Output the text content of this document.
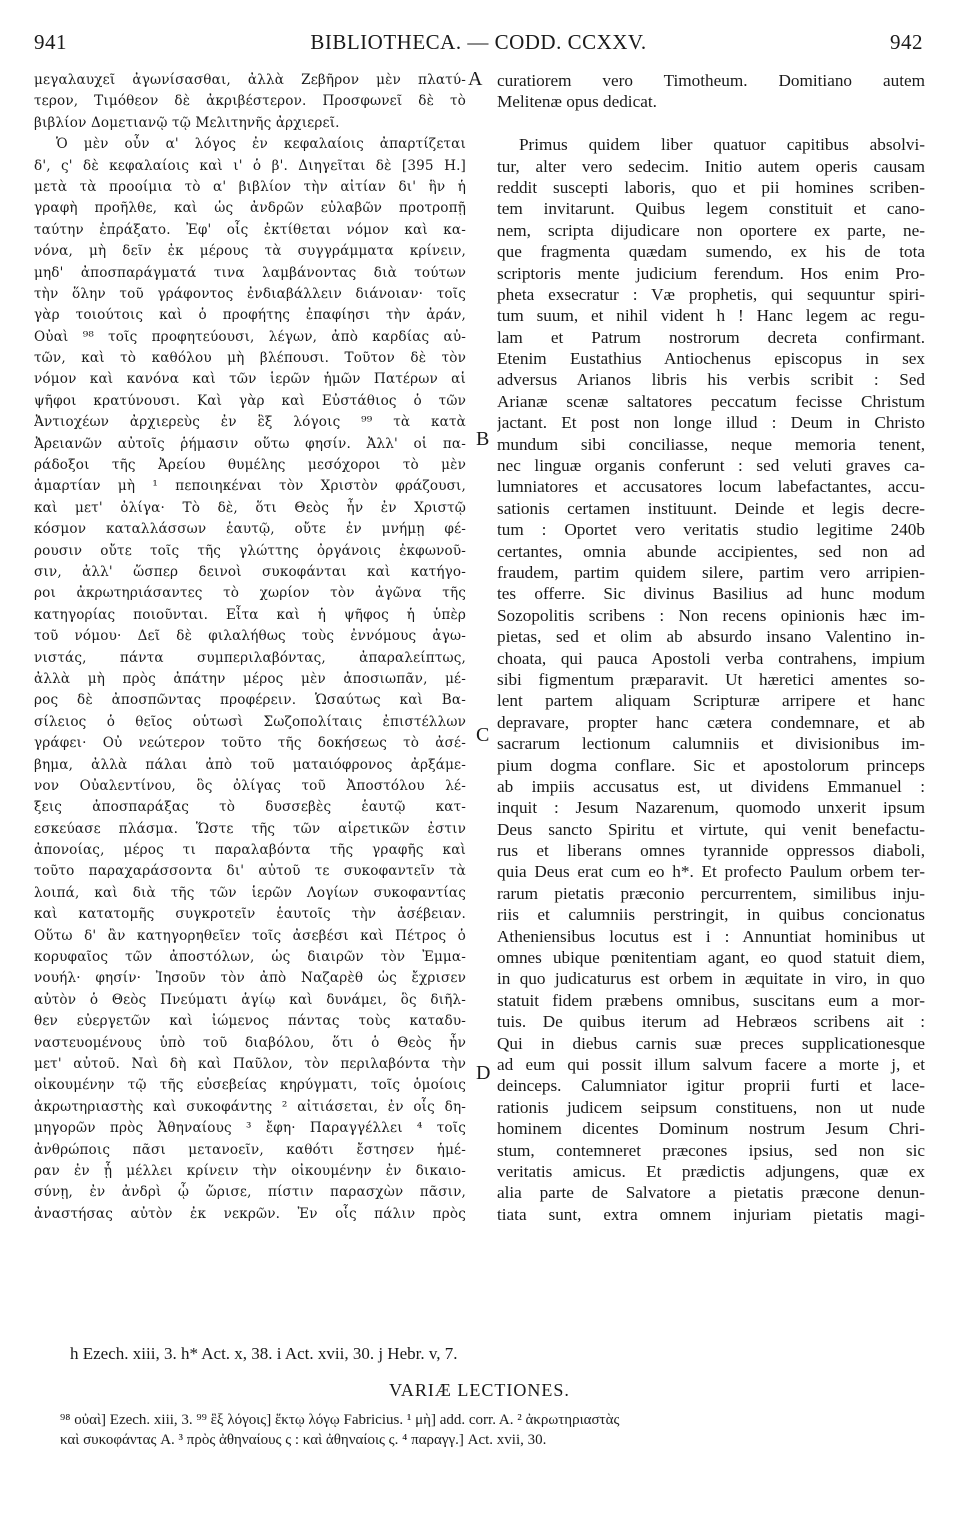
941	BIBLIOTHECA. — CODD. CCXXV.	942
μεγαλαυχεῖ ἀγωνίσασθαι, ἀλλὰ Ζεβῆρον μὲν πλατύ-
τερον, Τιμόθεον δὲ ἀκριβέστερον. Προσφωνεῖ δὲ τὸ
βιβλίον Δομετιανῷ τῷ Μελιτηνῆς ἀρχιερεῖ.
Ὁ μὲν οὖν α' λόγος ἐν κεφαλαίοις ἀπαρτίζεται
δ', ς' δὲ κεφαλαίοις καὶ ι' ὁ β'. Διηγεῖται δὲ [395 Η.]
μετὰ τὰ προοίμια τὸ α' βιβλίον τὴν αἰτίαν δι' ἣν ἡ
γραφὴ προῆλθε, καὶ ὡς ἀνδρῶν εὐλαβῶν προτροπῇ
ταύτην ἐπράξατο. Ἐφ' οἷς ἐκτίθεται νόμον καὶ κα-
νόνα, μὴ δεῖν ἐκ μέρους τὰ συγγράμματα κρίνειν,
μηδ' ἀποσπαράγματά τινα λαμβάνοντας διὰ τούτων
τὴν ὅλην τοῦ γράφοντος ἐνδιαβάλλειν διάνοιαν· τοῖς
γὰρ τοιούτοις καὶ ὁ προφήτης ἐπαφίησι τὴν ἀράν,
Οὐαὶ ⁹⁸ τοῖς προφητεύουσι, λέγων, ἀπὸ καρδίας αὐ-
τῶν, καὶ τὸ καθόλου μὴ βλέπουσι. Τοῦτον δὲ τὸν
νόμον καὶ κανόνα καὶ τῶν ἱερῶν ἡμῶν Πατέρων αἱ
ψῆφοι κρατύνουσι. Καὶ γὰρ καὶ Εὐστάθιος ὁ τῶν
Ἀντιοχέων ἀρχιερεὺς ἐν ἓξ λόγοις ⁹⁹ τὰ κατὰ
Ἀρειανῶν αὐτοῖς ῥήμασιν οὕτω φησίν. Ἀλλ' οἱ πα-
ράδοξοι τῆς Ἀρείου θυμέλης μεσόχοροι τὸ μὲν
ἁμαρτίαν μὴ ¹ πεποιηκέναι τὸν Χριστὸν φράζουσι,
καὶ μετ' ὀλίγα· Τὸ δὲ, ὅτι Θεὸς ἦν ἐν Χριστῷ
κόσμον καταλλάσσων ἑαυτῷ, οὔτε ἐν μνήμῃ φέ-
ρουσιν οὔτε τοῖς τῆς γλώττης ὀργάνοις ἐκφωνοῦ-
σιν, ἀλλ' ὥσπερ δεινοὶ συκοφάνται καὶ κατήγο-
ροι ἀκρωτηριάσαντες τὸ χωρίον τὸν ἀγῶνα τῆς
κατηγορίας ποιοῦνται. Εἶτα καὶ ἡ ψῆφος ἡ ὑπὲρ
τοῦ νόμου· Δεῖ δὲ φιλαλήθως τοὺς ἐννόμους ἀγω-
νιστάς, πάντα συμπεριλαβόντας, ἀπαραλείπτως,
ἀλλὰ μὴ πρὸς ἀπάτην μέρος μὲν ἀποσιωπᾶν, μέ-
ρος δὲ ἀποσπῶντας προφέρειν. Ὡσαύτως καὶ Βα-
σίλειος ὁ θεῖος οὑτωσὶ Σωζοπολίταις ἐπιστέλλων
γράφει· Οὐ νεώτερον τοῦτο τῆς δοκήσεως τὸ ἀσέ-
βημα, ἀλλὰ πάλαι ἀπὸ τοῦ ματαιόφρονος ἀρξάμε-
νον Οὐαλεντίνου, ὃς ὀλίγας τοῦ Ἀποστόλου λέ-
ξεις ἀποσπαράξας τὸ δυσσεβὲς ἑαυτῷ κατ-
εσκεύασε πλάσμα. Ὥστε τῆς τῶν αἱρετικῶν ἐστιν
ἀπονοίας, μέρος τι παραλαβόντα τῆς γραφῆς καὶ
τοῦτο παραχαράσσοντα δι' αὐτοῦ τε συκοφαντεῖν τὰ
λοιπά, καὶ διὰ τῆς τῶν ἱερῶν Λογίων συκοφαντίας
καὶ κατατομῆς συγκροτεῖν ἑαυτοῖς τὴν ἀσέβειαν.
Οὕτω δ' ἂν κατηγορηθεῖεν τοῖς ἀσεβέσι καὶ Πέτρος ὁ
κορυφαῖος τῶν ἀποστόλων, ὡς διαιρῶν τὸν Ἐμμα-
νουήλ· φησίν· Ἰησοῦν τὸν ἀπὸ Ναζαρὲθ ὡς ἔχρισεν
αὐτὸν ὁ Θεὸς Πνεύματι ἁγίῳ καὶ δυνάμει, ὃς διῆλ-
θεν εὐεργετῶν καὶ ἰώμενος πάντας τοὺς καταδυ-
ναστευομένους ὑπὸ τοῦ διαβόλου, ὅτι ὁ Θεὸς ἦν
μετ' αὐτοῦ. Ναὶ δὴ καὶ Παῦλον, τὸν περιλαβόντα τὴν
οἰκουμένην τῷ τῆς εὐσεβείας κηρύγματι, τοῖς ὁμοίοις
ἀκρωτηριαστὴς καὶ συκοφάντης ² αἰτιάσεται, ἐν οἷς δη-
μηγορῶν πρὸς Ἀθηναίους ³ ἔφη· Παραγγέλλει ⁴ τοῖς
ἀνθρώποις πᾶσι μετανοεῖν, καθότι ἔστησεν ἡμέ-
ραν ἐν ᾗ μέλλει κρίνειν τὴν οἰκουμένην ἐν δικαιο-
σύνῃ, ἐν ἀνδρὶ ᾧ ὥρισε, πίστιν παρασχὼν πᾶσιν,
ἀναστήσας αὐτὸν ἐκ νεκρῶν. Ἐν οἷς πάλιν πρὸς
curatiorem vero Timotheum. Domitiano autem
Melitenæ opus dedicat.
Primus quidem liber quatuor capitibus absolvi-
tur, alter vero sedecim. Initio autem operis causam
reddit suscepti laboris, quo et pii homines scriben-
tem invitarunt. Quibus legem constituit et cano-
nem, scripta dijudicare non oportere ex parte, ne-
que fragmenta quædam sumendo, ex his de tota
scriptoris mente judicium ferendum. Hos enim Pro-
pheta exsecratur : Væ prophetis, qui sequuntur spiri-
tum suum, et nihil vident h ! Hanc legem ac regu-
lam et Patrum nostrorum decreta confirmant.
Etenim Eustathius Antiochenus episcopus in sex
adversus Arianos libris his verbis scribit : Sed
Arianæ scenæ saltatores peccatum fecisse Christum
jactant. Et post non longe illud : Deum in Christo
mundum sibi conciliasse, neque memoria tenent,
nec linguæ organis conferunt : sed veluti graves ca-
lumniatores et accusatores locum labefactantes, accu-
sationis certamen instituunt. Deinde et legis decre-
tum : Oportet vero veritatis studio legitime 240b
certantes, omnia abunde accipientes, sed non ad
fraudem, partim quidem silere, partim vero arripien-
tes offerre. Sic divinus Basilius ad hunc modum
Sozopolitis scribens : Non recens opinionis hæc im-
pietas, sed et olim ab absurdo insano Valentino in-
choata, qui pauca Apostoli verba contrahens, impium
sibi figmentum præparavit. Ut hæretici amentes so-
lent partem aliquam Scripturæ arripere et hanc
depravare, propter hanc cætera condemnare, et ab
sacrarum lectionum calumniis et divisionibus im-
pium dogma conflare. Sic et apostolorum princeps
ab impiis accusatus est, ut dividens Emmanuel :
inquit : Jesum Nazarenum, quomodo unxerit ipsum
Deus sancto Spiritu et virtute, qui venit benefactu-
rus et liberans omnes tyrannide oppressos diaboli,
quia Deus erat cum eo h*. Et profecto Paulum orbem ter-
rarum pietatis præconio percurrentem, similibus inju-
riis et calumniis perstringit, in quibus concionatus
Atheniensibus locutus est i : Annuntiat hominibus ut
omnes ubique pœnitentiam agant, eo quod statuit diem,
in quo judicaturus est orbem in æquitate in viro, in quo
statuit fidem præbens omnibus, suscitans eum a mor-
tuis. De quibus iterum ad Hebræos scribens ait :
Qui in diebus carnis suæ preces supplicationesque
ad eum qui possit illum salvum facere a morte j, et
deinceps. Calumniator igitur proprii furti et lace-
rationis judicem seipsum constituens, non ut nude
hominem dicentes Dominum nostrum Jesum Chri-
stum, contemneret præcones ipsius, sed non sic
veritatis amicus. Et prædictis adjungens, quæ ex
alia parte de Salvatore a pietatis præcone denun-
tiata sunt, extra omnem injuriam pietatis magi-
A
B
C
D
h Ezech. xiii, 3. h* Act. x, 38. i Act. xvii, 30. j Hebr. v, 7.
VARIÆ LECTIONES.
⁹⁸ οὐαὶ] Ezech. xiii, 3. ⁹⁹ ἓξ λόγοις] ἕκτῳ λόγῳ Fabricius. ¹ μὴ] add. corr. A. ² ἀκρωτηριαστὰς
καὶ συκοφάντας A. ³ πρὸς ἀθηναίους ς : καὶ ἀθηναίοις ς. ⁴ παραγγ.] Act. xvii, 30.
